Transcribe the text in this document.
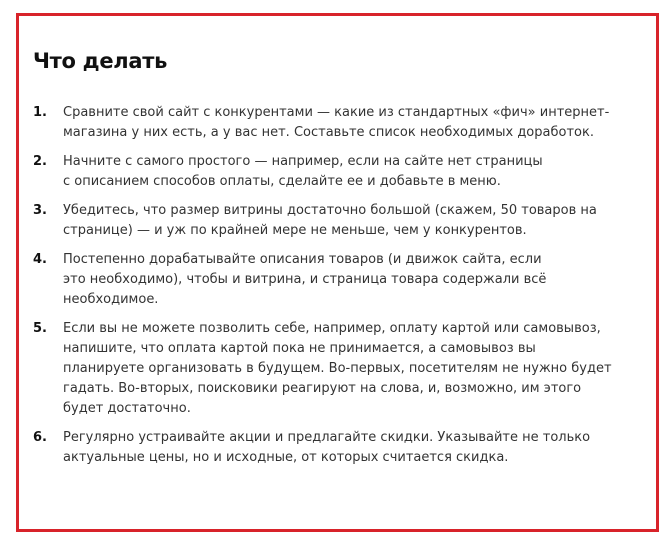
Что делать
1.	Сравните свой сайт с конкурентами — какие из стандартных «фич» интернет-
магазина у них есть, а у вас нет. Составьте список необходимых доработок.
2.	Начните с самого простого — например, если на сайте нет страницы
с описанием способов оплаты, сделайте ее и добавьте в меню.
3.	Убедитесь, что размер витрины достаточно большой (скажем, 50 товаров на
странице) — и уж по крайней мере не меньше, чем у конкурентов.
4.	Постепенно дорабатывайте описания товаров (и движок сайта, если
это необходимо), чтобы и витрина, и страница товара содержали всё
необходимое.
5.	Если вы не можете позволить себе, например, оплату картой или самовывоз,
напишите, что оплата картой пока не принимается, а самовывоз вы
планируете организовать в будущем. Во-первых, посетителям не нужно будет
гадать. Во-вторых, поисковики реагируют на слова, и, возможно, им этого
будет достаточно.
6.	Регулярно устраивайте акции и предлагайте скидки. Указывайте не только
актуальные цены, но и исходные, от которых считается скидка.
